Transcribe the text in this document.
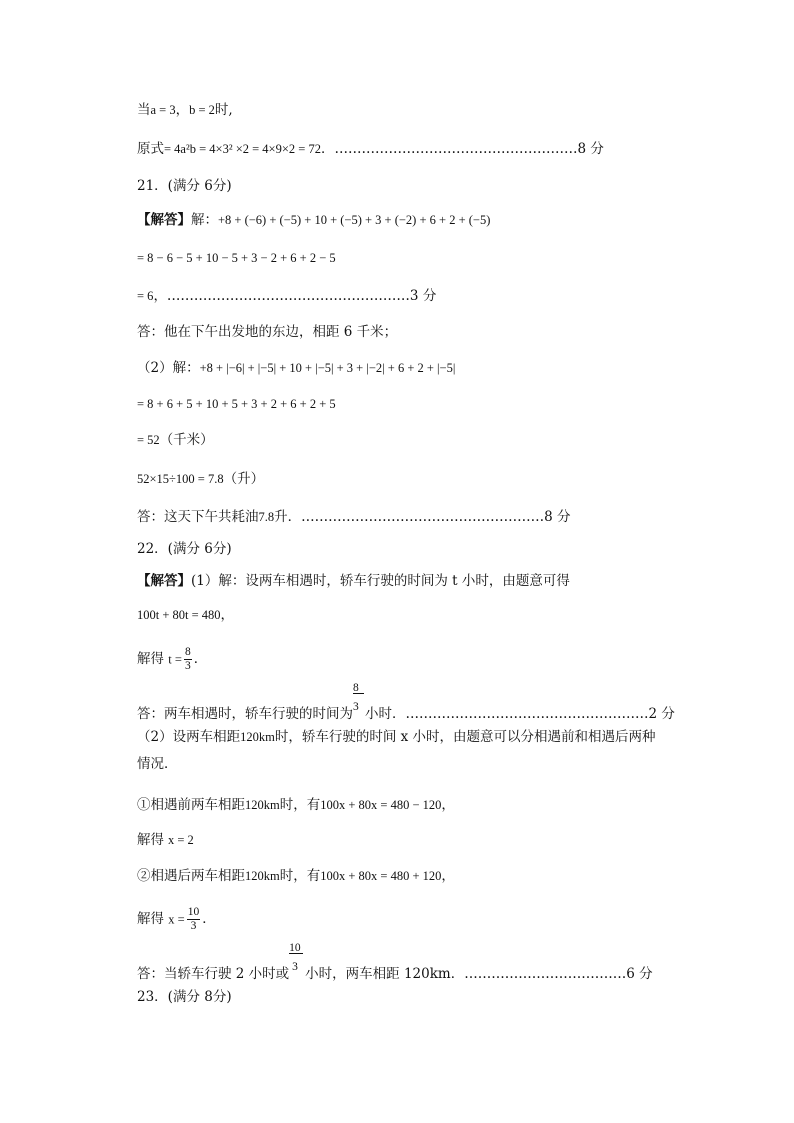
当a = 3，b = 2时,
原式= 4a²b = 4×3² ×2 = 4×9×2 = 72．………………………………………………8 分
21．(满分 6分)
【解答】解：+8 + (−6) + (−5) + 10 + (−5) + 3 + (−2) + 6 + 2 + (−5)
= 8 − 6 − 5 + 10 − 5 + 3 − 2 + 6 + 2 − 5
= 6，………………………………………………3 分
答：他在下午出发地的东边，相距 6 千米；
（2）解：+8 + |−6| + |−5| + 10 + |−5| + 3 + |−2| + 6 + 2 + |−5|
= 8 + 6 + 5 + 10 + 5 + 3 + 2 + 6 + 2 + 5
= 52（千米）
52×15÷100 = 7.8（升）
答：这天下午共耗油7.8升．………………………………………………8 分
22．(满分 6分)
【解答】(1）解：设两车相遇时，轿车行驶的时间为 t 小时，由题意可得
100t + 80t = 480，
解得 $t = \frac{8}{3}$ ．
答：两车相遇时，轿车行驶的时间为 $\frac{8}{3}$ 小时．………………………………………………2 分
（2）设两车相距120km时，轿车行驶的时间 x 小时，由题意可以分相遇前和相遇后两种
情况．
①相遇前两车相距120km时，有100x + 80x = 480 − 120，
解得 x = 2
②相遇后两车相距120km时，有100x + 80x = 480 + 120，
解得 $x = \frac{10}{3}$ ．
答：当轿车行驶 2 小时或 $\frac{10}{3}$ 小时，两车相距 120km．………………………………6 分
23．(满分 8分)
